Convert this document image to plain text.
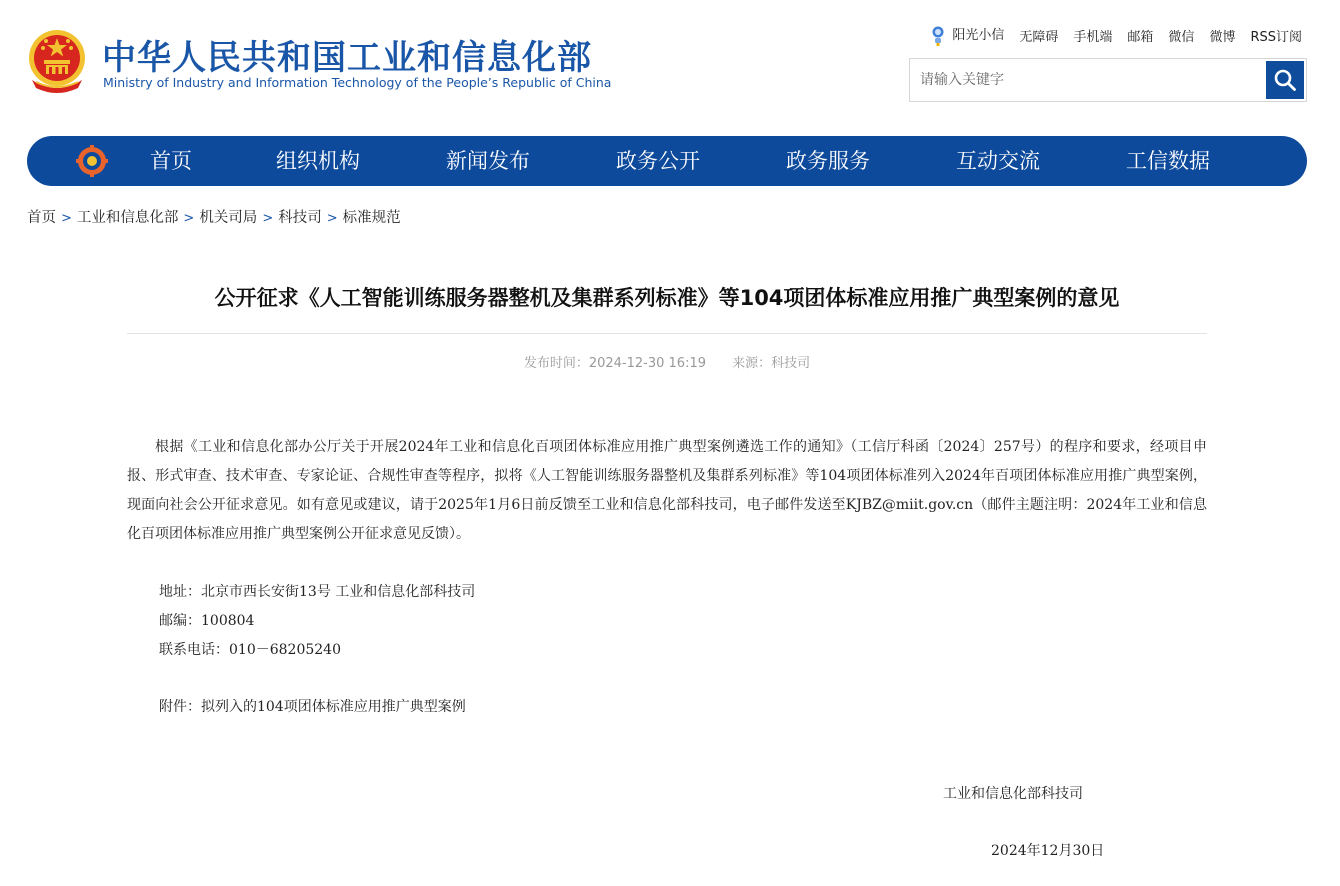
中华人民共和国工业和信息化部
Ministry of Industry and Information Technology of the People’s Republic of China
阳光小信 无障碍 手机端 邮箱 微信 微博 RSS订阅
请输入关键字
首页	组织机构	新闻发布	政务公开	政务服务	互动交流	工信数据
首页 > 工业和信息化部 > 机关司局 > 科技司 > 标准规范
公开征求《人工智能训练服务器整机及集群系列标准》等104项团体标准应用推广典型案例的意见
发布时间：2024-12-30 16:19 来源：科技司

根据《工业和信息化部办公厅关于开展2024年工业和信息化百项团体标准应用推广典型案例遴选工作的通知》（工信厅科函〔2024〕257号）的程序和要求，经项目申报、形式审查、技术审查、专家论证、合规性审查等程序，拟将《人工智能训练服务器整机及集群系列标准》等104项团体标准列入2024年百项团体标准应用推广典型案例，现面向社会公开征求意见。如有意见或建议，请于2025年1月6日前反馈至工业和信息化部科技司，电子邮件发送至KJBZ@miit.gov.cn（邮件主题注明：2024年工业和信息化百项团体标准应用推广典型案例公开征求意见反馈）。

地址：北京市西长安街13号 工业和信息化部科技司
邮编：100804
联系电话：010－68205240
附件：拟列入的104项团体标准应用推广典型案例
工业和信息化部科技司
2024年12月30日
